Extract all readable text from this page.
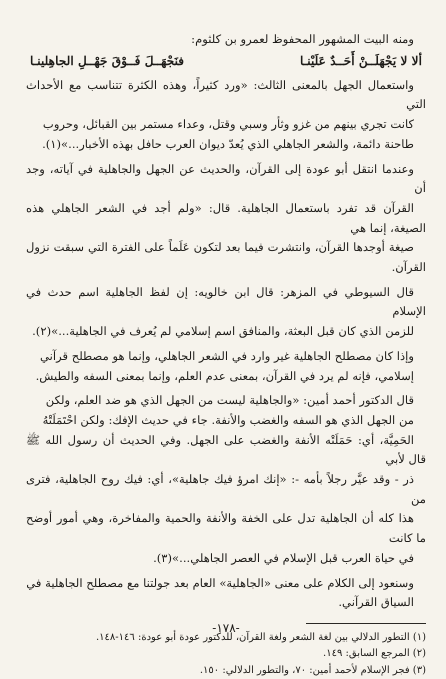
ومنه البيت المشهور المحفوظ لعمرو بن كلثوم:

ألا لا يَجْهَلَــنْ أَحَــدٌ عَلَيْنـا
فنَجْهَــلَ فَــوْقَ جَهْــلِ الجاهِلينـا
واستعمال الجهل بالمعنى الثالث: «ورد كثيراً، وهذه الكثرة تتناسب مع الأحداث التي
كانت تجري بينهم من غزو وثأر وسبي وقتل، وعداء مستمر بين القبائل، وحروب
طاحنة دائمة، والشعر الجاهلي الذي يُعدّ ديوان العرب حافل بهذه الأخبار...»(١).
وعندما انتقل أبو عودة إلى القرآن، والحديث عن الجهل والجاهلية في آياته، وجد أن
القرآن قد تفرد باستعمال الجاهلية. قال: «ولم أجد في الشعر الجاهلي هذه الصيغة، إنما هي
صيغة أوجدها القرآن، وانتشرت فيما بعد لتكون عَلَماً على الفترة التي سبقت نزول القرآن.
قال السيوطي في المزهر: قال ابن خالويه: إن لفظ الجاهلية اسم حدث في الإسلام
للزمن الذي كان قبل البعثة، والمنافق اسم إسلامي لم يُعرف في الجاهلية...»(٢).
وإذا كان مصطلح الجاهلية غير وارد في الشعر الجاهلي، وإنما هو مصطلح قرآني
إسلامي، فإنه لم يرد في القرآن، بمعنى عدم العلم، وإنما بمعنى السفه والطيش.
قال الدكتور أحمد أمين: «والجاهلية ليست من الجهل الذي هو ضد العلم، ولكن
من الجهل الذي هو السفه والغضب والأنفة. جاء في حديث الإفك: ولكن احْتَمَلَتْهُ
الحَمِيَّة، أي: حَمَلَتْه الأنفة والغضب على الجهل. وفي الحديث أن رسول الله ﷺ قال لأبي
ذر - وقد عيَّر رجلاً بأمه -: «إنك امرؤ فيك جاهلية»، أي: فيك روح الجاهلية، فترى من
هذا كله أن الجاهلية تدل على الخفة والأنفة والحمية والمفاخرة، وهي أمور أوضح ما كانت
في حياة العرب قبل الإسلام في العصر الجاهلي...»(٣).
وسنعود إلى الكلام على معنى «الجاهلية» العام بعد جولتنا مع مصطلح الجاهلية في
السياق القرآني.

(١) التطور الدلالي بين لغة الشعر ولغة القرآن، للدكتور عودة أبو عودة: ١٤٦-١٤٨.

(٢) المرجع السابق: ١٤٩.

(٣) فجر الإسلام لأحمد أمين: ٧٠، والتطور الدلالي: ١٥٠.

-١٧٨-
